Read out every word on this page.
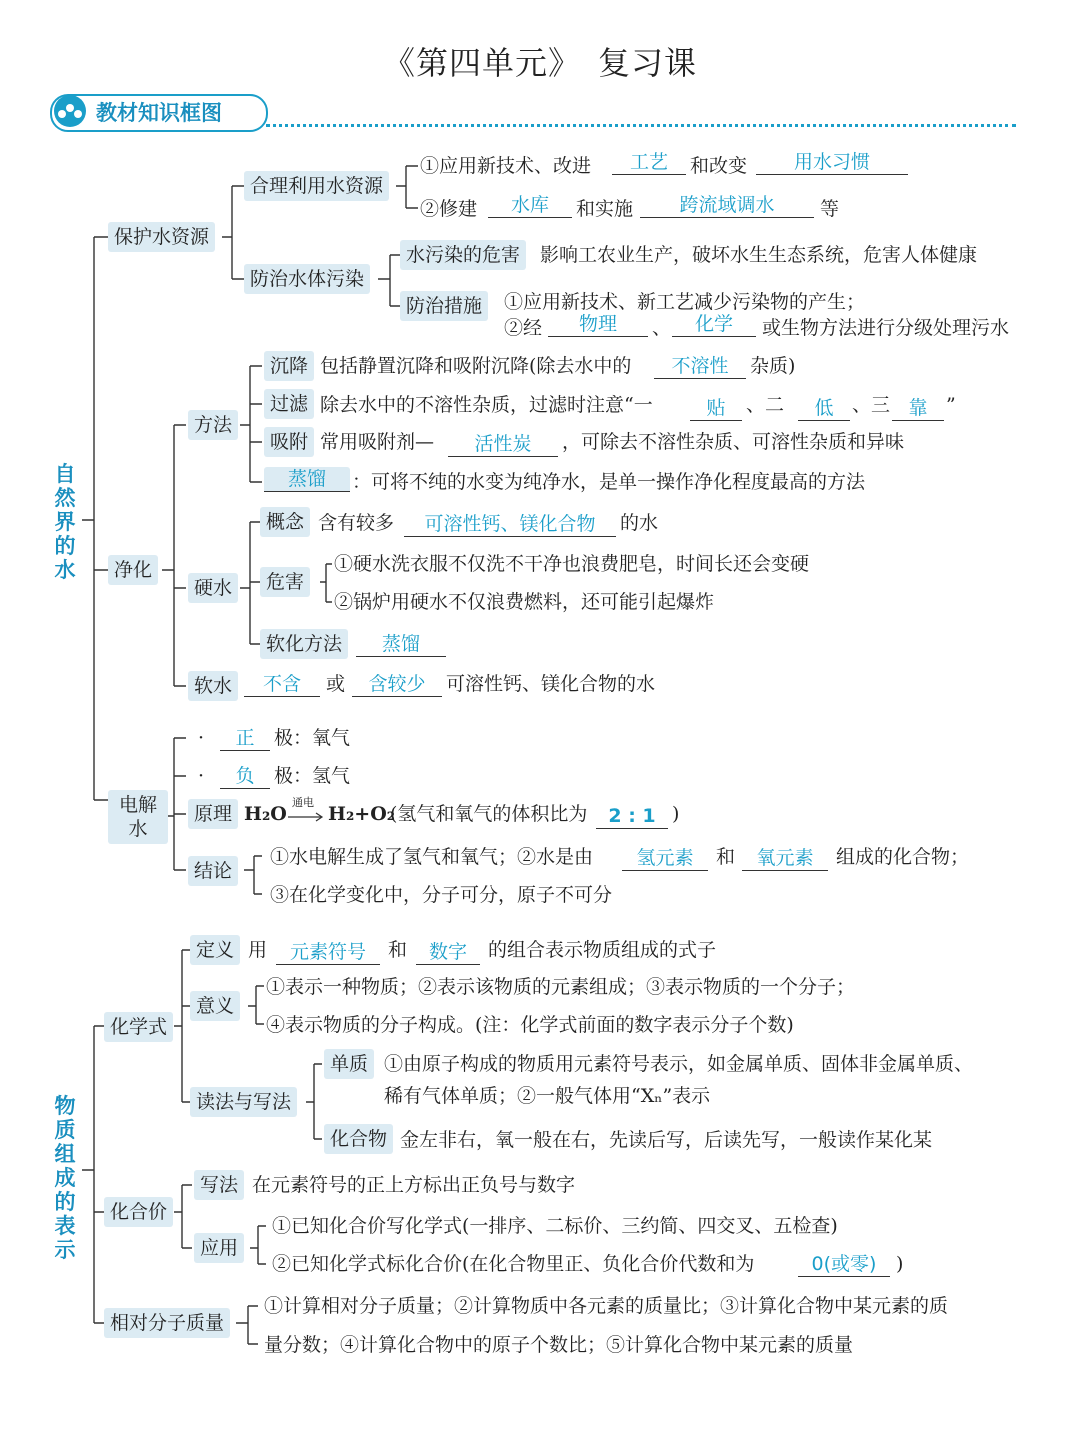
《第四单元》　复习课
教材知识框图
自然界的水
物质组成的表示
保护水资源
合理利用水资源
①应用新技术、改进	工艺	和改变	用水习惯
②修建	水库	和实施	跨流域调水	等
防治水体污染
水污染的危害	影响工农业生产，破坏水生生态系统，危害人体健康
防治措施	①应用新技术、新工艺减少污染物的产生；
②经	物理	、	化学	或生物方法进行分级处理污水
净化
方法
沉降 包括静置沉降和吸附沉降(除去水中的	不溶性	杂质)
过滤 除去水中的不溶性杂质，过滤时注意“一	贴	、二	低 、三 靠 ”
吸附 常用吸附剂—	活性炭	，可除去不溶性杂质、可溶性杂质和异味
蒸馏	：可将不纯的水变为纯净水，是单一操作净化程度最高的方法
硬水
概念 含有较多	可溶性钙、镁化合物	的水
危害
①硬水洗衣服不仅洗不干净也浪费肥皂，时间长还会变硬
②锅炉用硬水不仅浪费燃料，还可能引起爆炸
软化方法	蒸馏
软水	不含	或	含较少	可溶性钙、镁化合物的水
电解水
·	正	极：氧气
·	负	极：氢气
原理 H₂O
通电
H₂+O₂
(氢气和氧气的体积比为	2 : 1 )
结论
①水电解生成了氢气和氧气；②水是由	氢元素	和	氧元素	组成的化合物；
③在化学变化中，分子可分，原子不可分
化学式
定义 用	元素符号	和	数字	的组合表示物质组成的式子
意义
①表示一种物质；②表示该物质的元素组成；③表示物质的一个分子；
④表示物质的分子构成。(注：化学式前面的数字表示分子个数)
读法与写法
单质 ①由原子构成的物质用元素符号表示，如金属单质、固体非金属单质、
稀有气体单质；②一般气体用“Xₙ”表示
化合物 金左非右，氧一般在右，先读后写，后读先写，一般读作某化某
化合价
写法 在元素符号的正上方标出正负号与数字
应用
①已知化合价写化学式(一排序、二标价、三约简、四交叉、五检查)
②已知化学式标化合价(在化合物里正、负化合价代数和为	0(或零)	)
相对分子质量
①计算相对分子质量；②计算物质中各元素的质量比；③计算化合物中某元素的质
量分数；④计算化合物中的原子个数比；⑤计算化合物中某元素的质量
